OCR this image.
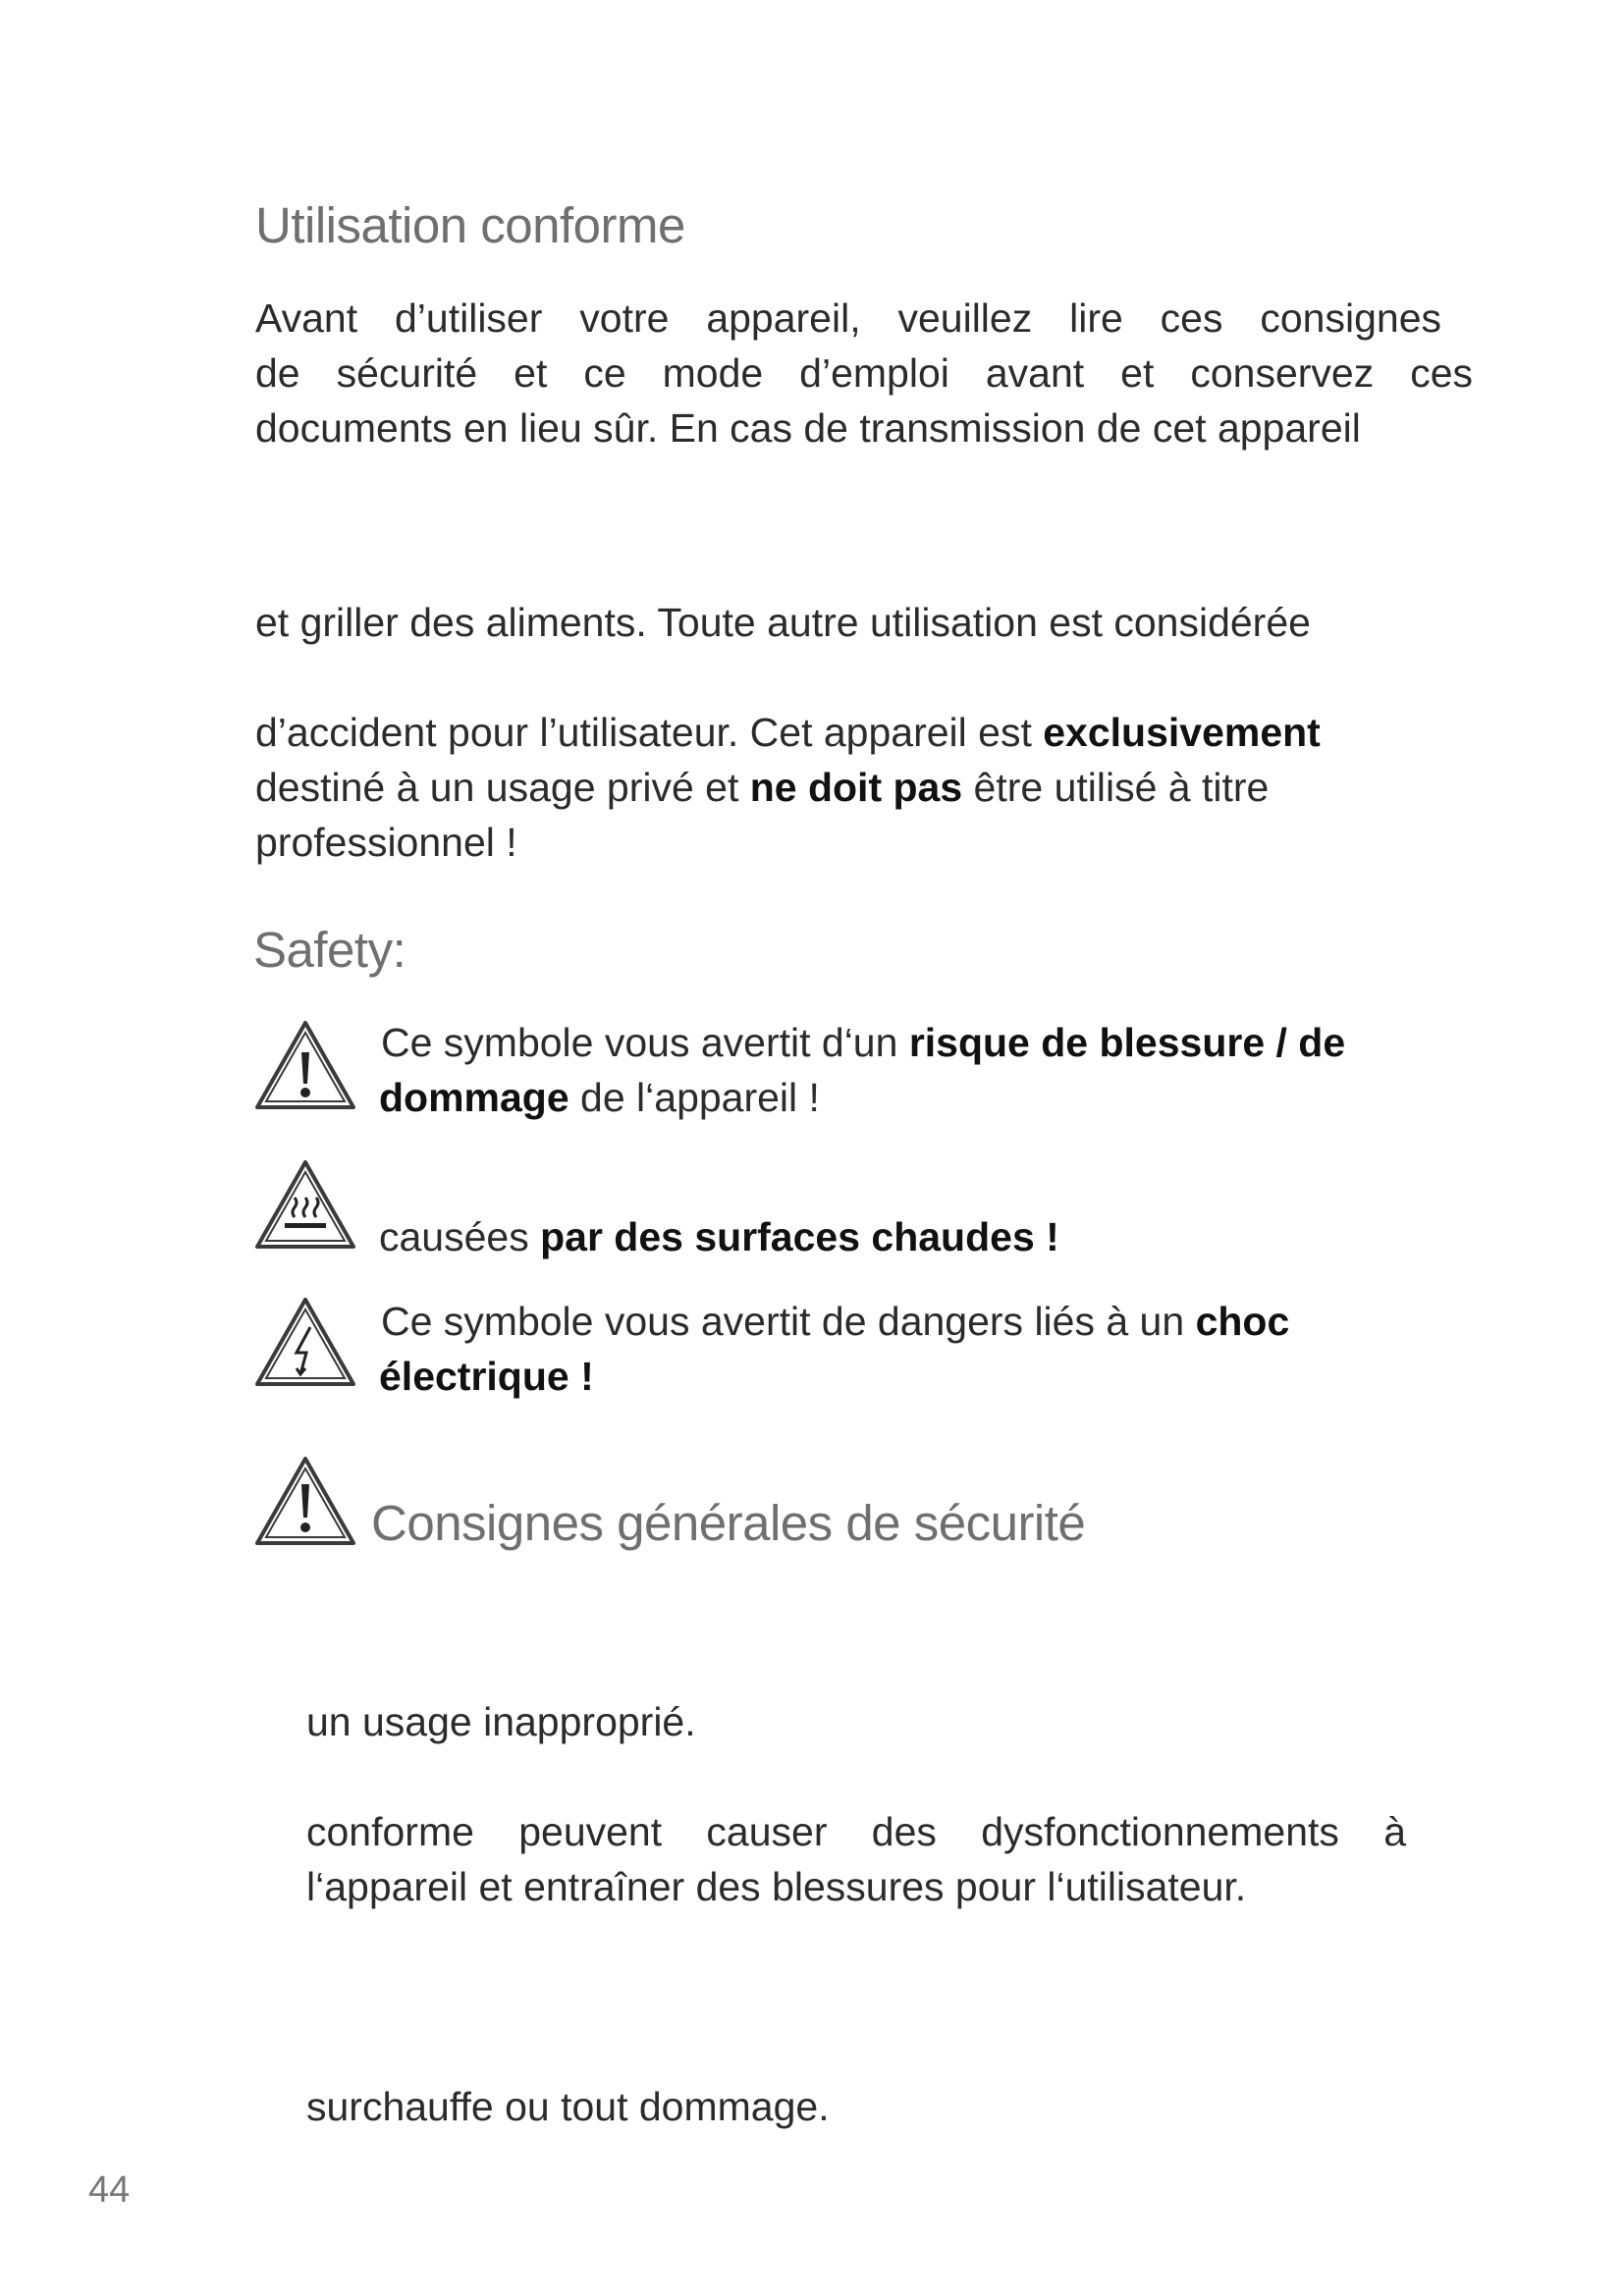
Utilisation conforme
Avant d’utiliser votre appareil, veuillez lire ces consignes
de sécurité et ce mode d’emploi avant et conservez ces
documents en lieu sûr. En cas de transmission de cet appareil
et griller des aliments. Toute autre utilisation est considérée
d’accident pour l’utilisateur. Cet appareil est exclusivement
destiné à un usage privé et ne doit pas être utilisé à titre
professionnel !
Safety:
Ce symbole vous avertit d‘un risque de blessure / de
dommage de l‘appareil !
causées par des surfaces chaudes !
Ce symbole vous avertit de dangers liés à un choc
électrique !
Consignes générales de sécurité
un usage inapproprié.
conforme peuvent causer des dysfonctionnements à
l‘appareil et entraîner des blessures pour l‘utilisateur.
surchauffe ou tout dommage.
44
